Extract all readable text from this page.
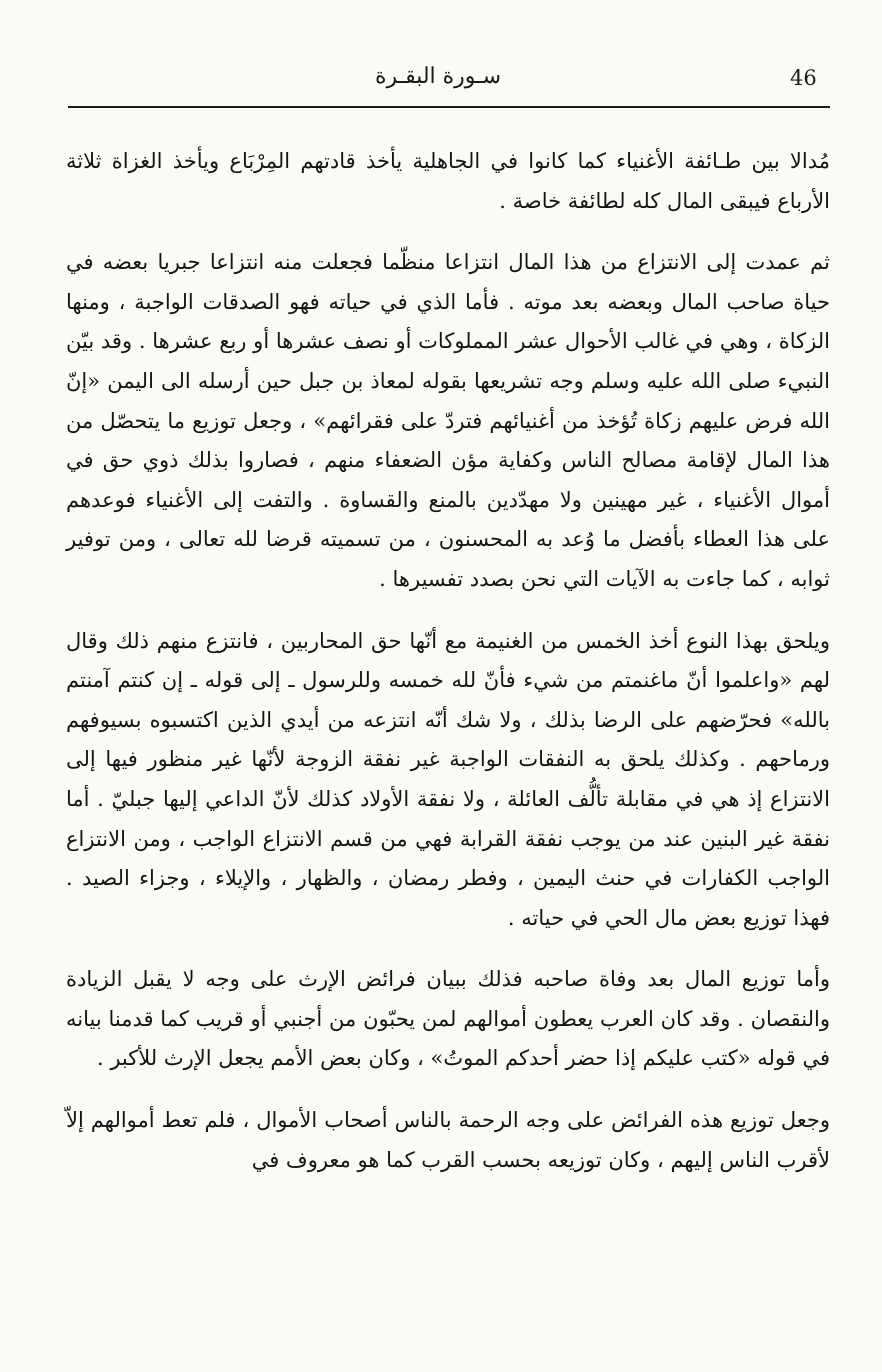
46
سـورة البقـرة

مُدالا بين طـائفة الأغنياء كما كانوا في الجاهلية يأخذ قادتهم المِرْبَاع ويأخذ الغزاة ثلاثة الأرباع فيبقى المال كله لطائفة خاصة .

ثم عمدت إلى الانتزاع من هذا المال انتزاعا منظّما فجعلت منه انتزاعا جبريا بعضه في حياة صاحب المال وبعضه بعد موته . فأما الذي في حياته فهو الصدقات الواجبة ، ومنها الزكاة ، وهي في غالب الأحوال عشر المملوكات أو نصف عشرها أو ربع عشرها . وقد بيّن النبيء صلى الله عليه وسلم وجه تشريعها بقوله لمعاذ بن جبل حين أرسله الى اليمن «إنّ الله فرض عليهم زكاة تُؤخذ من أغنيائهم فتردّ على فقرائهم» ، وجعل توزيع ما يتحصّل من هذا المال لإقامة مصالح الناس وكفاية مؤن الضعفاء منهم ، فصاروا بذلك ذوي حق في أموال الأغنياء ، غير مهينين ولا مهدّدين بالمنع والقساوة . والتفت إلى الأغنياء فوعدهم على هذا العطاء بأفضل ما وُعد به المحسنون ، من تسميته قرضا لله تعالى ، ومن توفير ثوابه ، كما جاءت به الآيات التي نحن بصدد تفسيرها .

ويلحق بهذا النوع أخذ الخمس من الغنيمة مع أنّها حق المحاربين ، فانتزع منهم ذلك وقال لهم «واعلموا أنّ ماغنمتم من شيء فأنّ لله خمسه وللرسول ـ إلى قوله ـ إن كنتم آمنتم بالله» فحرّضهم على الرضا بذلك ، ولا شك أنّه انتزعه من أيدي الذين اكتسبوه بسيوفهم ورماحهم . وكذلك يلحق به النفقات الواجبة غير نفقة الزوجة لأنّها غير منظور فيها إلى الانتزاع إذ هي في مقابلة تألُّف العائلة ، ولا نفقة الأولاد كذلك لأنّ الداعي إليها جبليّ . أما نفقة غير البنين عند من يوجب نفقة القرابة فهي من قسم الانتزاع الواجب ، ومن الانتزاع الواجب الكفارات في حنث اليمين ، وفطر رمضان ، والظهار ، والإيلاء ، وجزاء الصيد . فهذا توزيع بعض مال الحي في حياته .

وأما توزيع المال بعد وفاة صاحبه فذلك ببيان فرائض الإرث على وجه لا يقبل الزيادة والنقصان . وقد كان العرب يعطون أموالهم لمن يحبّون من أجنبي أو قريب كما قدمنا بيانه في قوله «كتب عليكم إذا حضر أحدكم الموتُ» ، وكان بعض الأمم يجعل الإرث للأكبر .

وجعل توزيع هذه الفرائض على وجه الرحمة بالناس أصحاب الأموال ، فلم تعط أموالهم إلاّ لأقرب الناس إليهم ، وكان توزيعه بحسب القرب كما هو معروف في
